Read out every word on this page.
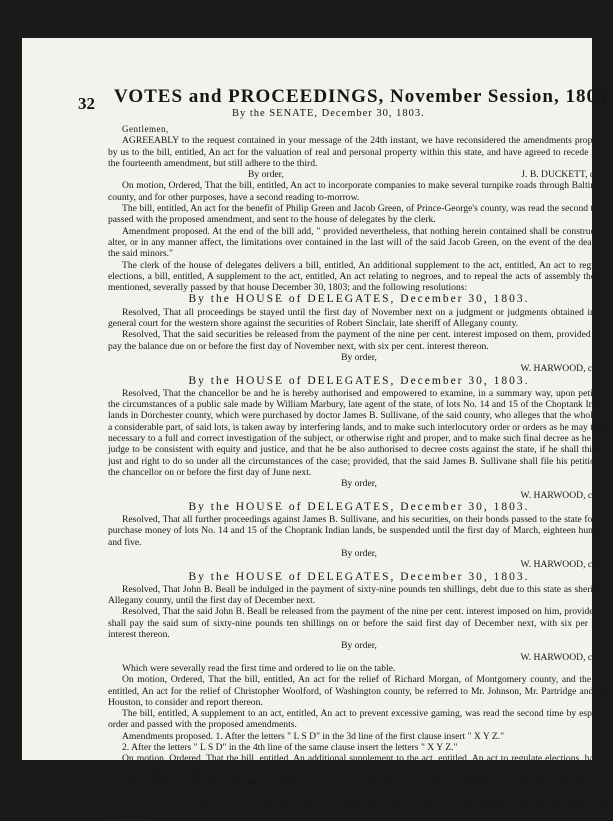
32 VOTES and PROCEEDINGS, November Session, 1803.
By the SENATE, December 30, 1803.

Gentlemen,

AGREEABLY to the request contained in your message of the 24th instant, we have reconsidered the amendments proposed by us to the bill, entitled, An act for the valuation of real and personal property within this state, and have agreed to recede from the fourteenth amendment, but still adhere to the third.

By order,	J. B. DUCKETT, clk.

On motion, Ordered, That the bill, entitled, An act to incorporate companies to make several turnpike roads through Baltimore county, and for other purposes, have a second reading to-morrow.

The bill, entitled, An act for the benefit of Philip Green and Jacob Green, of Prince-George's county, was read the second time, passed with the proposed amendment, and sent to the house of delegates by the clerk.

Amendment proposed. At the end of the bill add, " provided nevertheless, that nothing herein contained shall be construed to alter, or in any manner affect, the limitations over contained in the last will of the said Jacob Green, on the event of the death of the said minors."

The clerk of the house of delegates delivers a bill, entitled, An additional supplement to the act, entitled, An act to regulate elections, a bill, entitled, A supplement to the act, entitled, An act relating to negroes, and to repeal the acts of assembly therein mentioned, severally passed by that house December 30, 1803; and the following resolutions:

By the HOUSE of DELEGATES, December 30, 1803.

Resolved, That all proceedings be stayed until the first day of November next on a judgment or judgments obtained in the general court for the western shore against the securities of Robert Sinclair, late sheriff of Allegany county.

Resolved, That the said securities be released from the payment of the nine per cent. interest imposed on them, provided they pay the balance due on or before the first day of November next, with six per cent. interest thereon.

By order,
W. HARWOOD, clk.
By the HOUSE of DELEGATES, December 30, 1803.

Resolved, That the chancellor be and he is hereby authorised and empowered to examine, in a summary way, upon petition, the circumstances of a public sale made by William Marbury, late agent of the state, of lots No. 14 and 15 of the Choptank Indian lands in Dorchester county, which were purchased by doctor James B. Sullivane, of the said county, who alleges that the whole, or a considerable part, of said lots, is taken away by interfering lands, and to make such interlocutory order or orders as he may think necessary to a full and correct investigation of the subject, or otherwise right and proper, and to make such final decree as he may judge to be consistent with equity and justice, and that he be also authorised to decree costs against the state, if he shall think it just and right to do so under all the circumstances of the case; provided, that the said James B. Sullivane shall file his petition to the chancellor on or before the first day of June next.

By order,
W. HARWOOD, clk.
By the HOUSE of DELEGATES, December 30, 1803.

Resolved, That all further proceedings against James B. Sullivane, and his securities, on their bonds passed to the state for the purchase money of lots No. 14 and 15 of the Choptank Indian lands, be suspended until the first day of March, eighteen hundred and five.

By order,
W. HARWOOD, clk.
By the HOUSE of DELEGATES, December 30, 1803.

Resolved, That John B. Beall be indulged in the payment of sixty-nine pounds ten shillings, debt due to this state as sheriff of Allegany county, until the first day of December next.

Resolved, That the said John B. Beall be released from the payment of the nine per cent. interest imposed on him, provided he shall pay the said sum of sixty-nine pounds ten shillings on or before the said first day of December next, with six per cent. interest thereon.

By order,
W. HARWOOD, clk.

Which were severally read the first time and ordered to lie on the table.

On motion, Ordered, That the bill, entitled, An act for the relief of Richard Morgan, of Montgomery county, and the bill, entitled, An act for the relief of Christopher Woolford, of Washington county, be referred to Mr. Johnson, Mr. Partridge and Mr. Houston, to consider and report thereon.

The bill, entitled, A supplement to an act, entitled, An act to prevent excessive gaming, was read the second time by especial order and passed with the proposed amendments.

Amendments proposed. 1. After the letters " L S D" in the 3d line of the first clause insert " X Y Z."

2. After the letters " L S D" in the 4th line of the same clause insert the letters " X Y Z."

On motion, Ordered, That the bill, entitled, An additional supplement to the act, entitled, An act to regulate elections, have a second reading on to-morrow.

The resolution in favour of Thomas Nicholls, of Simon, was read the second time, dissented from, and sent to the house of delegates by the clerk.

On motion, the question was put, That the senate reconsider the resolution in favour of Thomas Jackson? Resolved in the affirmative.
